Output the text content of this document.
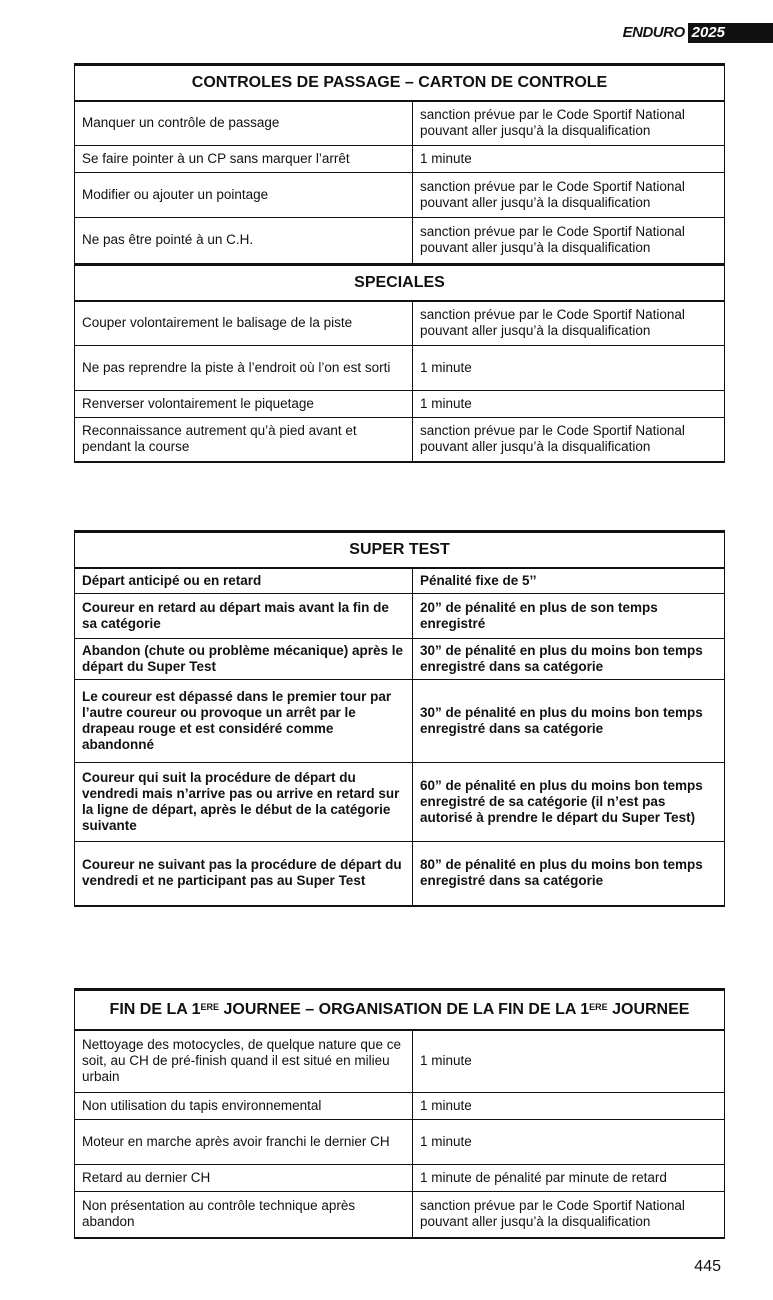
ENDURO 2025
CONTROLES DE PASSAGE – CARTON DE CONTROLE	
Manquer un contrôle de passage	sanction prévue par le Code Sportif National pouvant aller jusqu’à la disqualification
Se faire pointer à un CP sans marquer l’arrêt	1 minute
Modifier ou ajouter un pointage	sanction prévue par le Code Sportif National pouvant aller jusqu’à la disqualification
Ne pas être pointé à un C.H.	sanction prévue par le Code Sportif National pouvant aller jusqu’à la disqualification
SPECIALES	
Couper volontairement le balisage de la piste	sanction prévue par le Code Sportif National pouvant aller jusqu’à la disqualification
Ne pas reprendre la piste à l’endroit où l’on est sorti	1 minute
Renverser volontairement le piquetage	1 minute
Reconnaissance autrement qu’à pied avant et pendant la course	sanction prévue par le Code Sportif National pouvant aller jusqu’à la disqualification
SUPER TEST	
Départ anticipé ou en retard	Pénalité fixe de 5’’
Coureur en retard au départ mais avant la fin de sa catégorie	20” de pénalité en plus de son temps enregistré
Abandon (chute ou problème mécanique) après le départ du Super Test	30” de pénalité en plus du moins bon temps enregistré dans sa catégorie
Le coureur est dépassé dans le premier tour par l’autre coureur ou provoque un arrêt par le drapeau rouge et est considéré comme abandonné	30” de pénalité en plus du moins bon temps enregistré dans sa catégorie
Coureur qui suit la procédure de départ du vendredi mais n’arrive pas ou arrive en retard sur la ligne de départ, après le début de la catégorie suivante	60” de pénalité en plus du moins bon temps enregistré de sa catégorie (il n’est pas autorisé à prendre le départ du Super Test)
Coureur ne suivant pas la procédure de départ du vendredi et ne participant pas au Super Test	80” de pénalité en plus du moins bon temps enregistré dans sa catégorie
FIN DE LA 1ERE JOURNEE – ORGANISATION DE LA FIN DE LA 1ERE JOURNEE	
Nettoyage des motocycles, de quelque nature que ce soit, au CH de pré-finish quand il est situé en milieu urbain	1 minute
Non utilisation du tapis environnemental	1 minute
Moteur en marche après avoir franchi le dernier CH	1 minute
Retard au dernier CH	1 minute de pénalité par minute de retard
Non présentation au contrôle technique après abandon	sanction prévue par le Code Sportif National pouvant aller jusqu’à la disqualification
445
